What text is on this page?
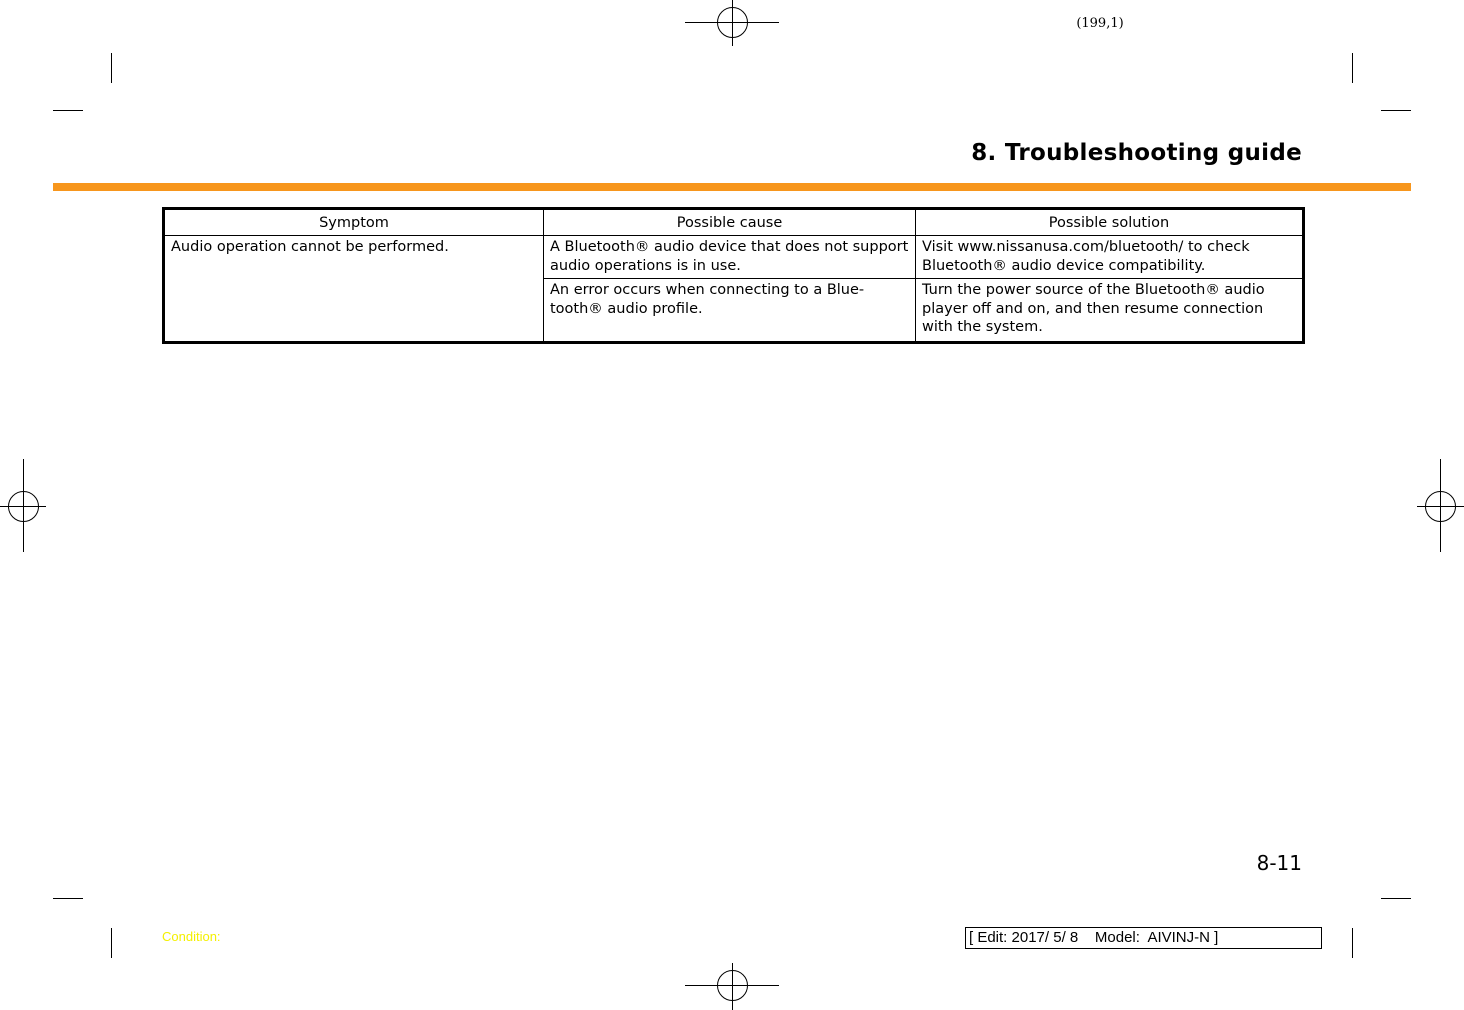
(199,1)
8. Troubleshooting guide
Symptom	Possible cause	Possible solution
Audio operation cannot be performed.	A Bluetooth® audio device that does not support audio operations is in use.	Visit www.nissanusa.com/bluetooth/ to check Bluetooth® audio device compatibility.
	An error occurs when connecting to a Blue-tooth® audio profile.	Turn the power source of the Bluetooth® audio player off and on, and then resume connection with the system.
8-11
Condition:	[ Edit: 2017/ 5/ 8    Model:  AIVINJ-N ]
